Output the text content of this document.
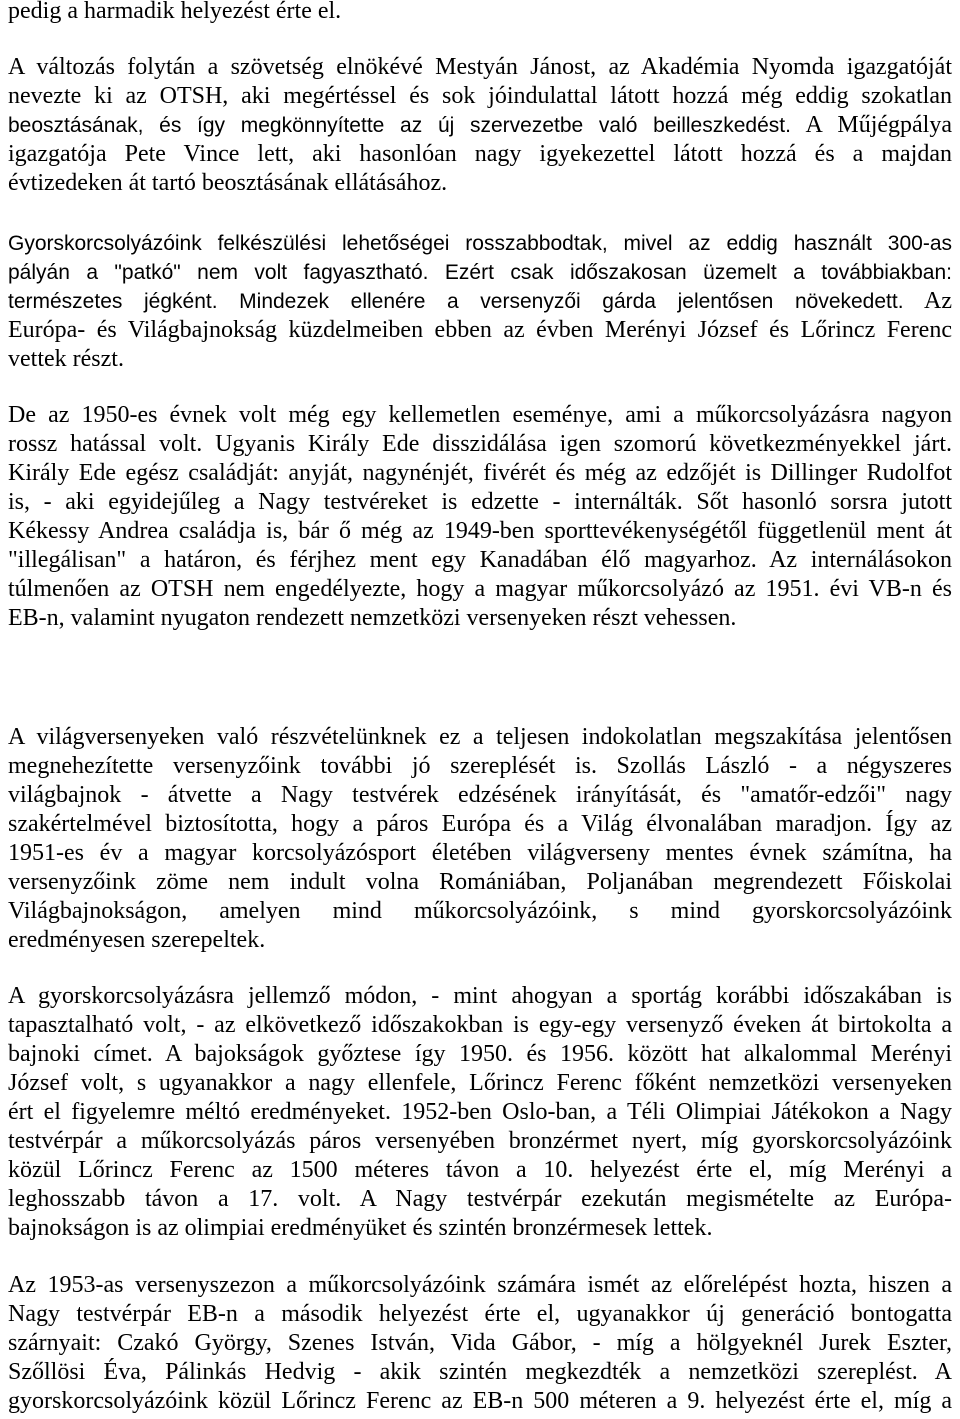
pedig a harmadik helyezést érte el.
A változás folytán a szövetség elnökévé Mestyán Jánost, az Akadémia Nyomda igazgatóját
nevezte ki az OTSH, aki megértéssel és sok jóindulattal látott hozzá még eddig szokatlan
beosztásának, és így megkönnyítette az új szervezetbe való beilleszkedést. A Műjégpálya
igazgatója Pete Vince lett, aki hasonlóan nagy igyekezettel látott hozzá és a majdan
évtizedeken át tartó beosztásának ellátásához.
Gyorskorcsolyázóink felkészülési lehetőségei rosszabbodtak, mivel az eddig használt 300-as
pályán a "patkó" nem volt fagyasztható. Ezért csak időszakosan üzemelt a továbbiakban:
természetes jégként. Mindezek ellenére a versenyzői gárda jelentősen növekedett. Az
Európa- és Világbajnokság küzdelmeiben ebben az évben Merényi József és Lőrincz Ferenc
vettek részt.
De az 1950-es évnek volt még egy kellemetlen eseménye, ami a műkorcsolyázásra nagyon
rossz hatással volt. Ugyanis Király Ede disszidálása igen szomorú következményekkel járt.
Király Ede egész családját: anyját, nagynénjét, fivérét és még az edzőjét is Dillinger Rudolfot
is, - aki egyidejűleg a Nagy testvéreket is edzette - internálták. Sőt hasonló sorsra jutott
Kékessy Andrea családja is, bár ő még az 1949-ben sporttevékenységétől függetlenül ment át
"illegálisan" a határon, és férjhez ment egy Kanadában élő magyarhoz. Az internálásokon
túlmenően az OTSH nem engedélyezte, hogy a magyar műkorcsolyázó az 1951. évi VB-n és
EB-n, valamint nyugaton rendezett nemzetközi versenyeken részt vehessen.
A világversenyeken való részvételünknek ez a teljesen indokolatlan megszakítása jelentősen
megnehezítette versenyzőink további jó szereplését is. Szollás László - a négyszeres
világbajnok - átvette a Nagy testvérek edzésének irányítását, és "amatőr-edzői" nagy
szakértelmével biztosította, hogy a páros Európa és a Világ élvonalában maradjon. Így az
1951-es év a magyar korcsolyázósport életében világverseny mentes évnek számítna, ha
versenyzőink zöme nem indult volna Romániában, Poljanában megrendezett Főiskolai
Világbajnokságon, amelyen mind műkorcsolyázóink, s mind gyorskorcsolyázóink
eredményesen szerepeltek.
A gyorskorcsolyázásra jellemző módon, - mint ahogyan a sportág korábbi időszakában is
tapasztalható volt, - az elkövetkező időszakokban is egy-egy versenyző éveken át birtokolta a
bajnoki címet. A bajokságok győztese így 1950. és 1956. között hat alkalommal Merényi
József volt, s ugyanakkor a nagy ellenfele, Lőrincz Ferenc főként nemzetközi versenyeken
ért el figyelemre méltó eredményeket. 1952-ben Oslo-ban, a Téli Olimpiai Játékokon a Nagy
testvérpár a műkorcsolyázás páros versenyében bronzérmet nyert, míg gyorskorcsolyázóink
közül Lőrincz Ferenc az 1500 méteres távon a 10. helyezést érte el, míg Merényi a
leghosszabb távon a 17. volt. A Nagy testvérpár ezekután megismételte az Európa-
bajnokságon is az olimpiai eredményüket és szintén bronzérmesek lettek.
Az 1953-as versenyszezon a műkorcsolyázóink számára ismét az előrelépést hozta, hiszen a
Nagy testvérpár EB-n a második helyezést érte el, ugyanakkor új generáció bontogatta
szárnyait: Czakó György, Szenes István, Vida Gábor, - míg a hölgyeknél Jurek Eszter,
Szőllösi Éva, Pálinkás Hedvig - akik szintén megkezdték a nemzetközi szereplést. A
gyorskorcsolyázóink közül Lőrincz Ferenc az EB-n 500 méteren a 9. helyezést érte el, míg a
